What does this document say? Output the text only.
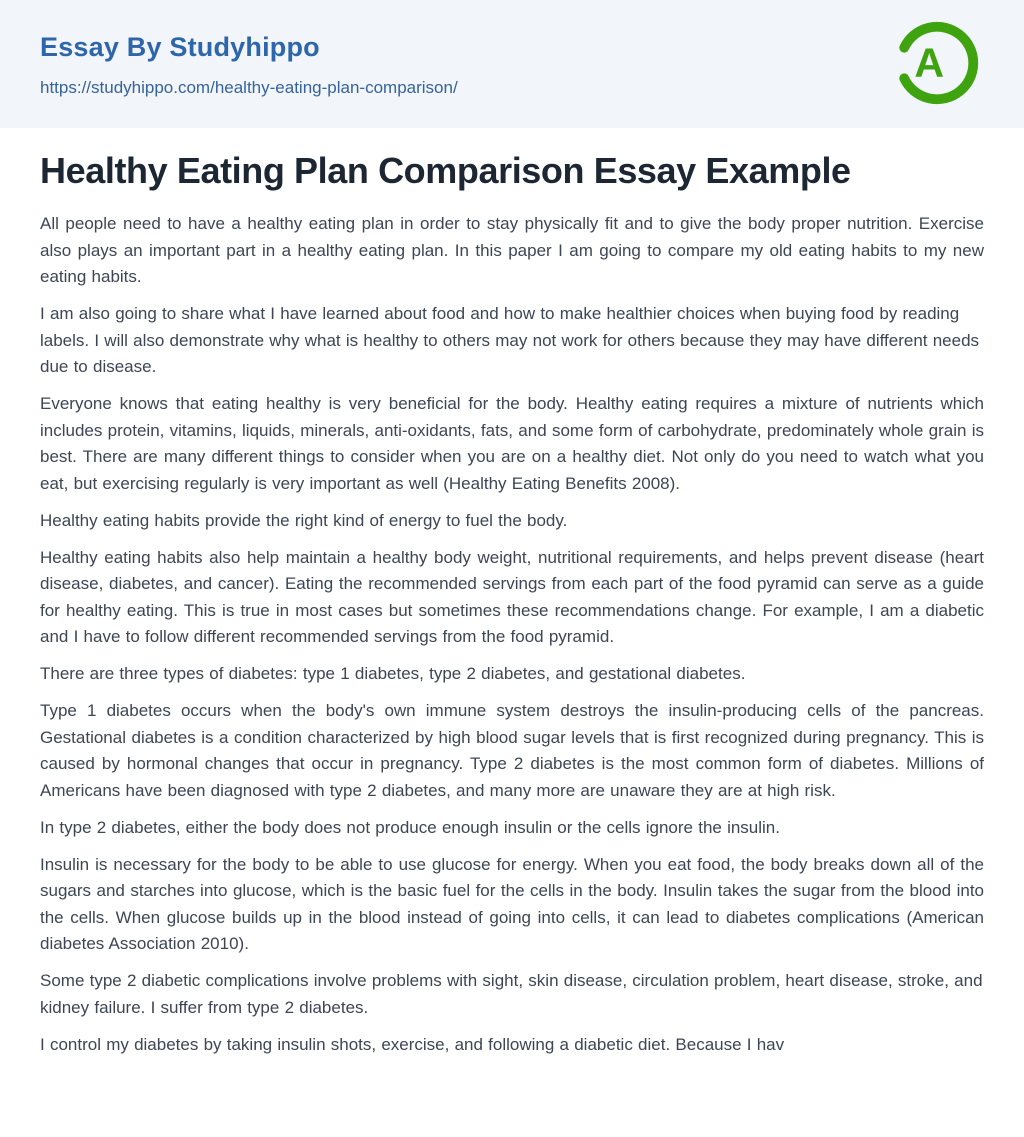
Essay By Studyhippo
https://studyhippo.com/healthy-eating-plan-comparison/
A
Healthy Eating Plan Comparison Essay Example

All people need to have a healthy eating plan in order to stay physically fit and to give the body proper nutrition. Exercise also plays an important part in a healthy eating plan. In this paper I am going to compare my old eating habits to my new eating habits.

I am also going to share what I have learned about food and how to make healthier choices when buying food by reading labels. I will also demonstrate why what is healthy to others may not work for others because they may have different needs due to disease.

Everyone knows that eating healthy is very beneficial for the body. Healthy eating requires a mixture of nutrients which includes protein, vitamins, liquids, minerals, anti-oxidants, fats, and some form of carbohydrate, predominately whole grain is best. There are many different things to consider when you are on a healthy diet. Not only do you need to watch what you eat, but exercising regularly is very important as well (Healthy Eating Benefits 2008).

Healthy eating habits provide the right kind of energy to fuel the body.

Healthy eating habits also help maintain a healthy body weight, nutritional requirements, and helps prevent disease (heart disease, diabetes, and cancer). Eating the recommended servings from each part of the food pyramid can serve as a guide for healthy eating. This is true in most cases but sometimes these recommendations change. For example, I am a diabetic and I have to follow different recommended servings from the food pyramid.

There are three types of diabetes: type 1 diabetes, type 2 diabetes, and gestational diabetes.

Type 1 diabetes occurs when the body's own immune system destroys the insulin-producing cells of the pancreas. Gestational diabetes is a condition characterized by high blood sugar levels that is first recognized during pregnancy. This is caused by hormonal changes that occur in pregnancy. Type 2 diabetes is the most common form of diabetes. Millions of Americans have been diagnosed with type 2 diabetes, and many more are unaware they are at high risk.

In type 2 diabetes, either the body does not produce enough insulin or the cells ignore the insulin.

Insulin is necessary for the body to be able to use glucose for energy. When you eat food, the body breaks down all of the sugars and starches into glucose, which is the basic fuel for the cells in the body. Insulin takes the sugar from the blood into the cells. When glucose builds up in the blood instead of going into cells, it can lead to diabetes complications (American diabetes Association 2010).

Some type 2 diabetic complications involve problems with sight, skin disease, circulation problem, heart disease, stroke, and kidney failure. I suffer from type 2 diabetes.

I control my diabetes by taking insulin shots, exercise, and following a diabetic diet. Because I hav
